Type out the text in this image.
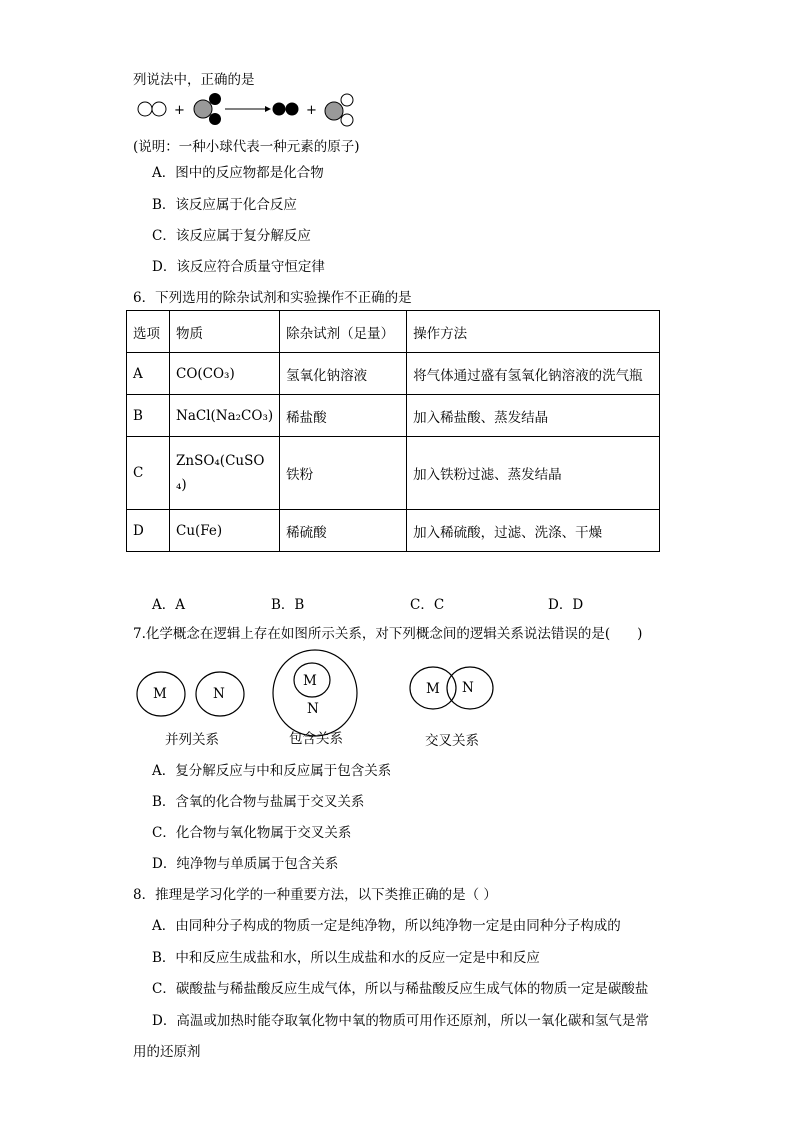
列说法中，正确的是
+	+
(说明：一种小球代表一种元素的原子)
A．图中的反应物都是化合物
B．该反应属于化合反应
C．该反应属于复分解反应
D．该反应符合质量守恒定律
6．下列选用的除杂试剂和实验操作不正确的是
选项	物质	除杂试剂（足量）	操作方法
A	CO(CO₃)	氢氧化钠溶液	将气体通过盛有氢氧化钠溶液的洗气瓶
B	NaCl(Na₂CO₃)	稀盐酸	加入稀盐酸、蒸发结晶
C	ZnSO₄(CuSO₄)	铁粉	加入铁粉过滤、蒸发结晶
D	Cu(Fe)	稀硫酸	加入稀硫酸，过滤、洗涤、干燥
A．A	B．B	C．C	D．D
7.化学概念在逻辑上存在如图所示关系，对下列概念间的逻辑关系说法错误的是(　　)
M	N
M
N
M N
并列关系	包含关系	交叉关系
A．复分解反应与中和反应属于包含关系
B．含氧的化合物与盐属于交叉关系
C．化合物与氧化物属于交叉关系
D．纯净物与单质属于包含关系
8．推理是学习化学的一种重要方法，以下类推正确的是（ ）
A．由同种分子构成的物质一定是纯净物，所以纯净物一定是由同种分子构成的
B．中和反应生成盐和水，所以生成盐和水的反应一定是中和反应
C．碳酸盐与稀盐酸反应生成气体，所以与稀盐酸反应生成气体的物质一定是碳酸盐
D．高温或加热时能夺取氧化物中氧的物质可用作还原剂，所以一氧化碳和氢气是常
用的还原剂
